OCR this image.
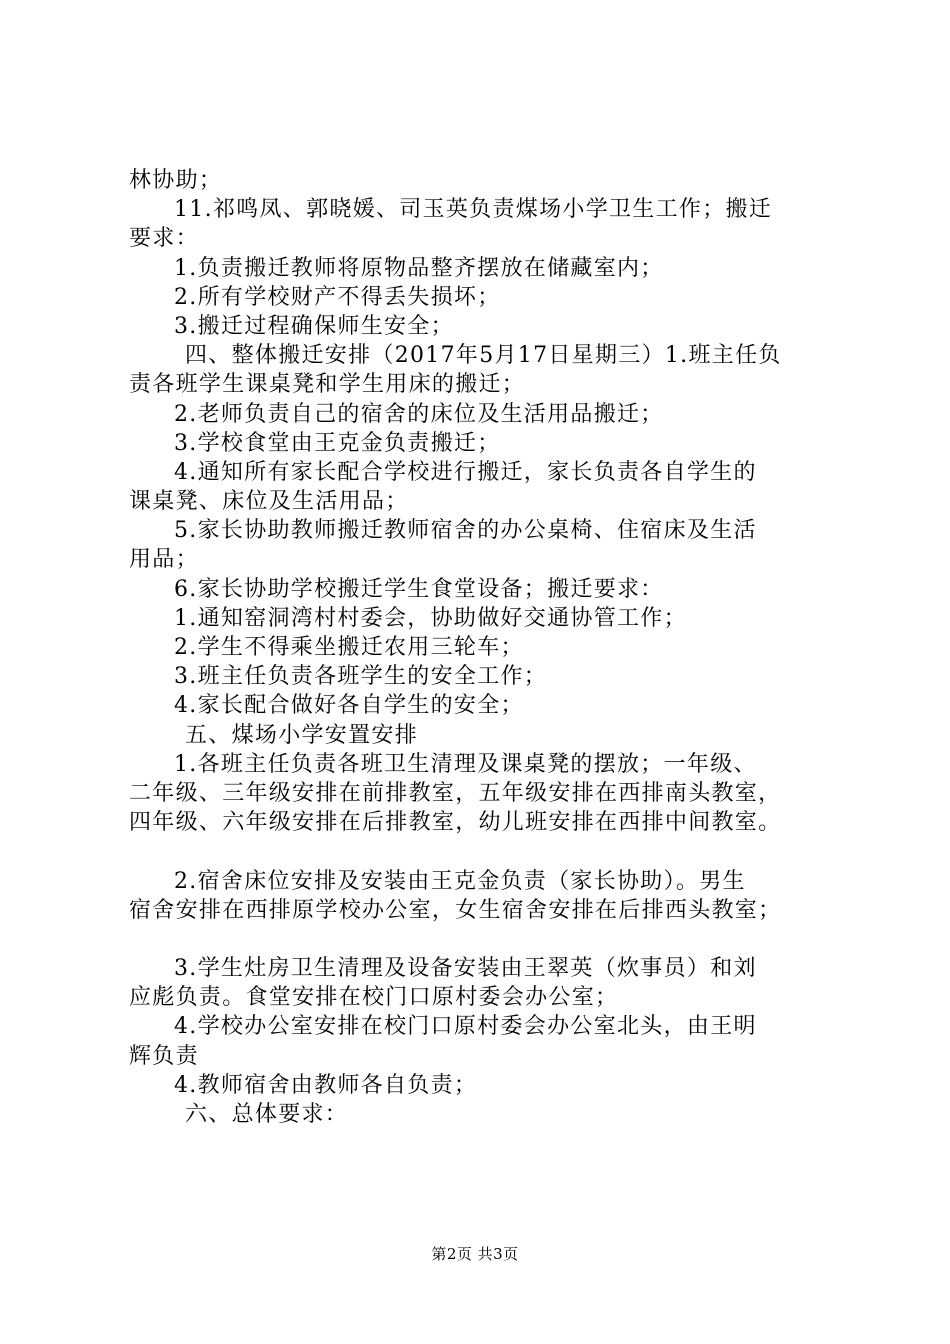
林协助；
11.祁鸣凤、郭晓媛、司玉英负责煤场小学卫生工作；搬迁
要求：
1.负责搬迁教师将原物品整齐摆放在储藏室内；
2.所有学校财产不得丢失损坏；
3.搬迁过程确保师生安全；
四、整体搬迁安排（2017年5月17日星期三）1.班主任负
责各班学生课桌凳和学生用床的搬迁；
2.老师负责自己的宿舍的床位及生活用品搬迁；
3.学校食堂由王克金负责搬迁；
4.通知所有家长配合学校进行搬迁，家长负责各自学生的
课桌凳、床位及生活用品；
5.家长协助教师搬迁教师宿舍的办公桌椅、住宿床及生活
用品；
6.家长协助学校搬迁学生食堂设备；搬迁要求：
1.通知窑洞湾村村委会，协助做好交通协管工作；
2.学生不得乘坐搬迁农用三轮车；
3.班主任负责各班学生的安全工作；
4.家长配合做好各自学生的安全；
五、煤场小学安置安排
1.各班主任负责各班卫生清理及课桌凳的摆放；一年级、
二年级、三年级安排在前排教室，五年级安排在西排南头教室，
四年级、六年级安排在后排教室，幼儿班安排在西排中间教室。
2.宿舍床位安排及安装由王克金负责（家长协助）。男生
宿舍安排在西排原学校办公室，女生宿舍安排在后排西头教室；
3.学生灶房卫生清理及设备安装由王翠英（炊事员）和刘
应彪负责。食堂安排在校门口原村委会办公室；
4.学校办公室安排在校门口原村委会办公室北头，由王明
辉负责
4.教师宿舍由教师各自负责；
六、总体要求：
第2页 共3页
